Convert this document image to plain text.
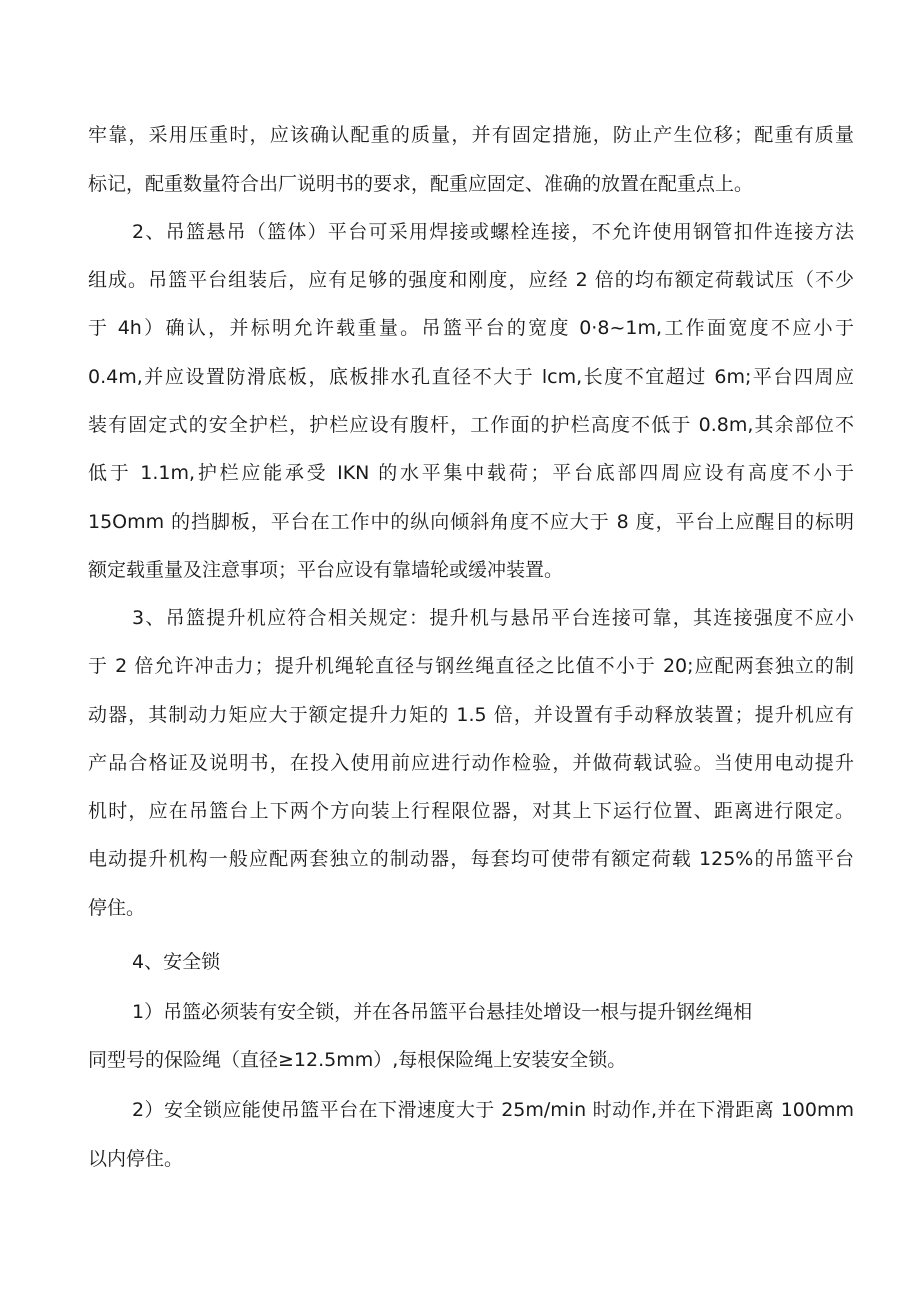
牢靠，采用压重时，应该确认配重的质量，并有固定措施，防止产生位移；配重有质量
标记，配重数量符合出厂说明书的要求，配重应固定、准确的放置在配重点上。
2、吊篮悬吊（篮体）平台可采用焊接或螺栓连接，不允许使用钢管扣件连接方法
组成。吊篮平台组装后，应有足够的强度和刚度，应经 2 倍的均布额定荷载试压（不少
于 4h）确认，并标明允许载重量。吊篮平台的宽度 0·8~1m,工作面宽度不应小于
0.4m,并应设置防滑底板，底板排水孔直径不大于 lcm,长度不宜超过 6m;平台四周应
装有固定式的安全护栏，护栏应设有腹杆，工作面的护栏高度不低于 0.8m,其余部位不
低于 1.1m,护栏应能承受 IKN 的水平集中载荷；平台底部四周应设有高度不小于
15Omm 的挡脚板，平台在工作中的纵向倾斜角度不应大于 8 度，平台上应醒目的标明
额定载重量及注意事项；平台应设有靠墙轮或缓冲装置。
3、吊篮提升机应符合相关规定：提升机与悬吊平台连接可靠，其连接强度不应小
于 2 倍允许冲击力；提升机绳轮直径与钢丝绳直径之比值不小于 20;应配两套独立的制
动器，其制动力矩应大于额定提升力矩的 1.5 倍，并设置有手动释放装置；提升机应有
产品合格证及说明书，在投入使用前应进行动作检验，并做荷载试验。当使用电动提升
机时，应在吊篮台上下两个方向装上行程限位器，对其上下运行位置、距离进行限定。
电动提升机构一般应配两套独立的制动器，每套均可使带有额定荷载 125%的吊篮平台
停住。
4、安全锁
1）吊篮必须装有安全锁，并在各吊篮平台悬挂处增设一根与提升钢丝绳相
同型号的保险绳（直径≥12.5mm）,每根保险绳上安装安全锁。
2）安全锁应能使吊篮平台在下滑速度大于 25m∕min 时动作,并在下滑距离 100mm
以内停住。
